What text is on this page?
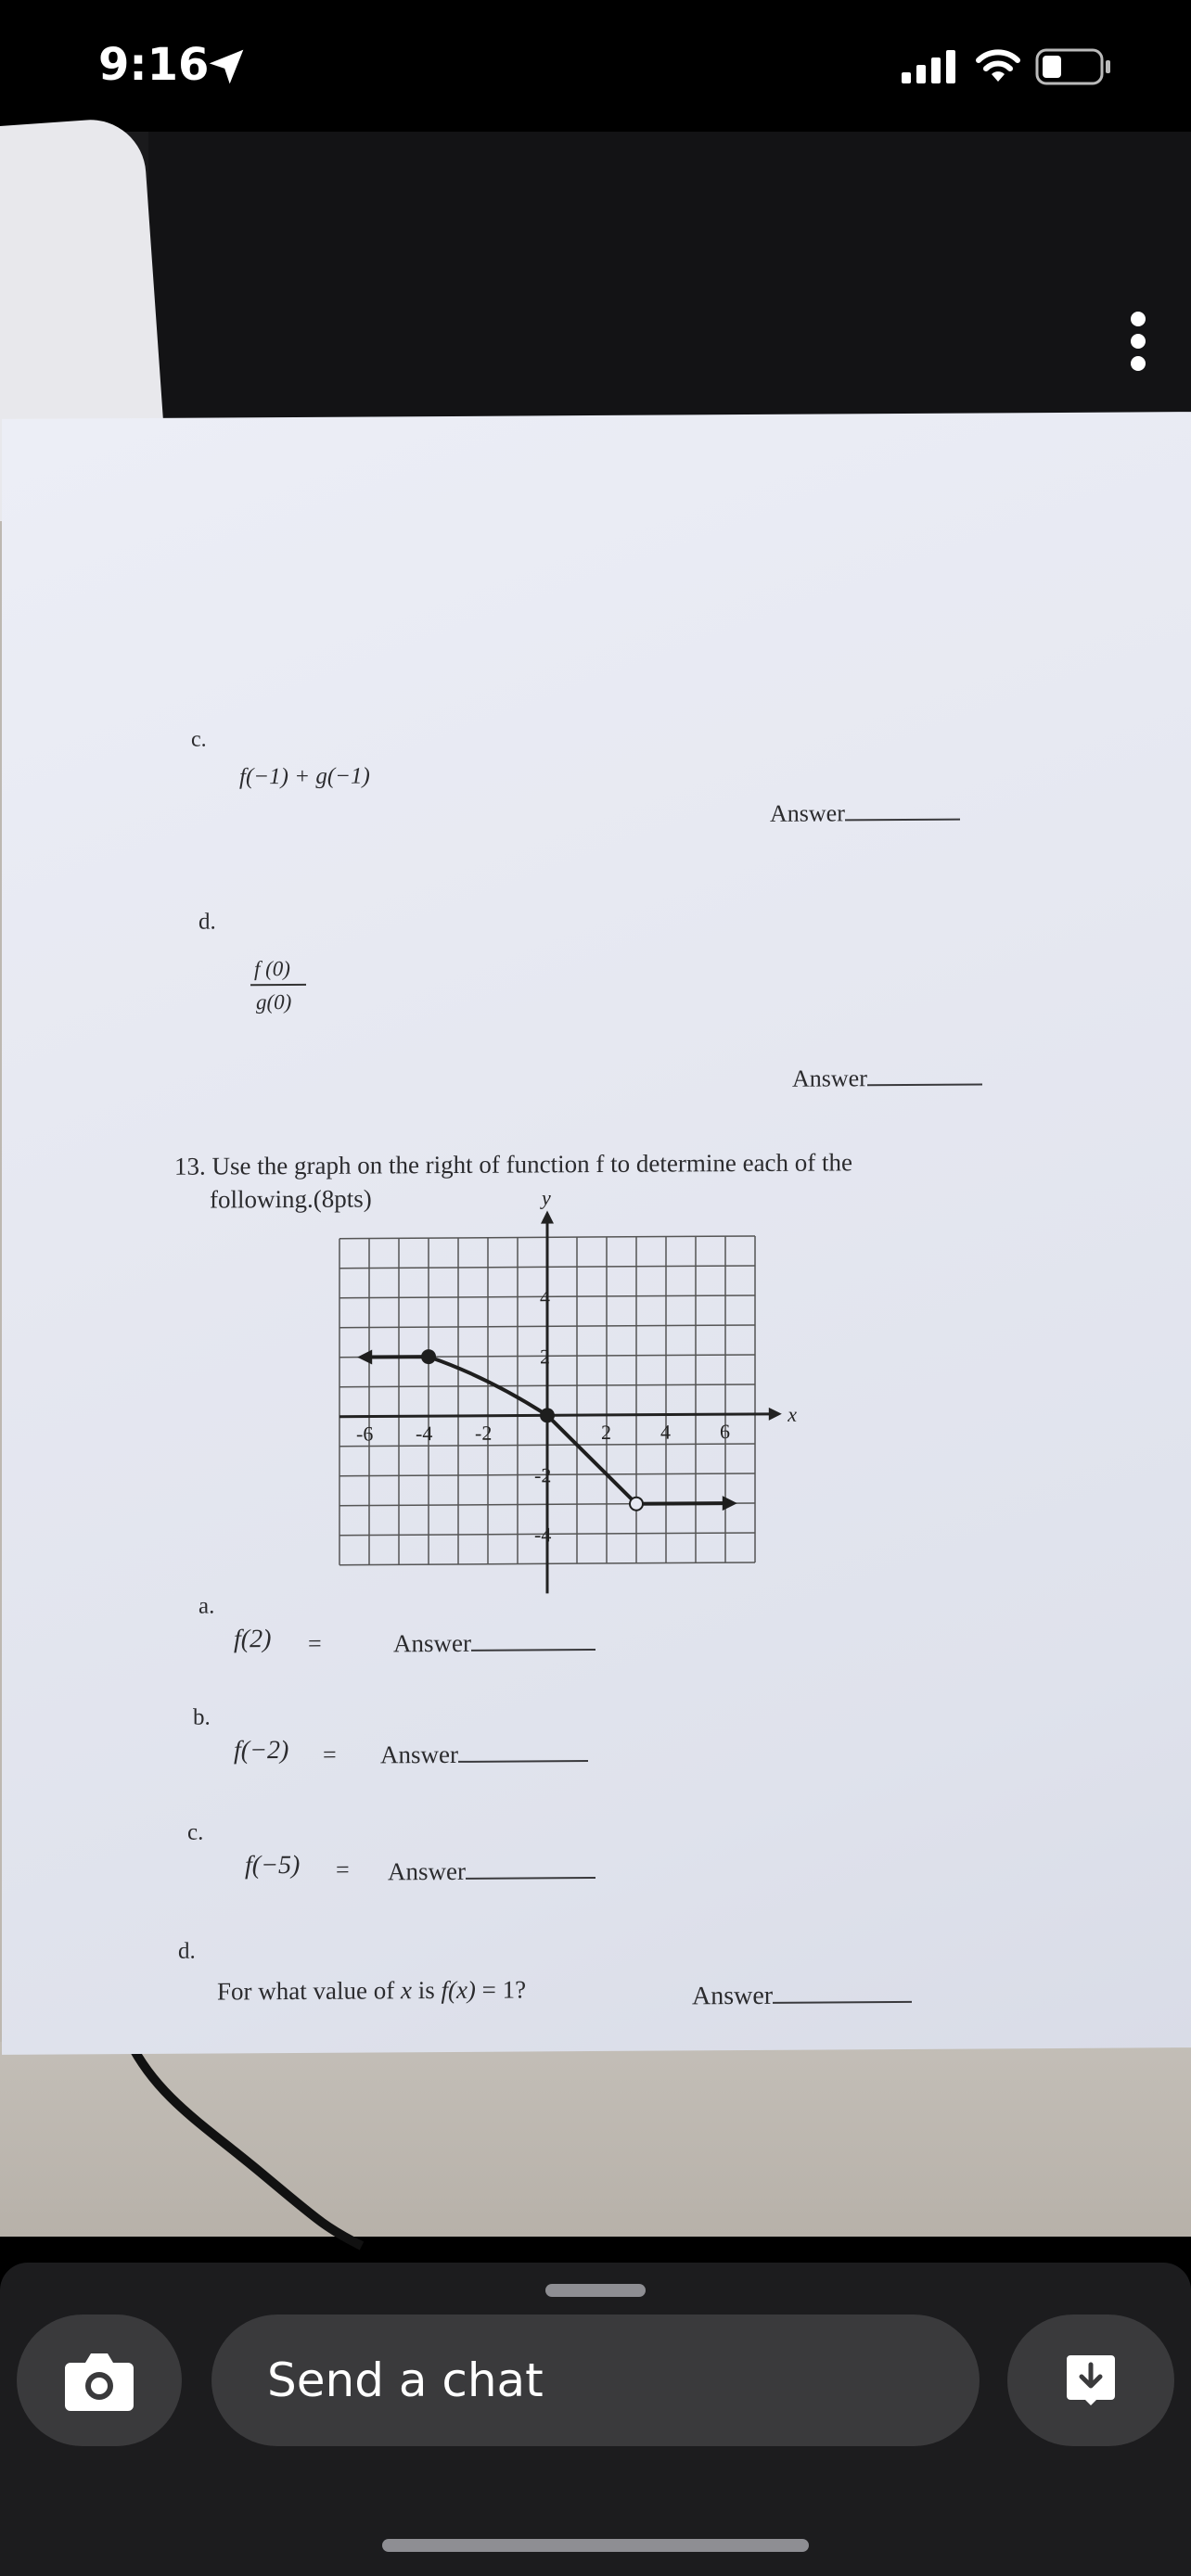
9:16
c.
f(−1) + g(−1)
Answer
d.
f (0)
g(0)
Answer
13. Use the graph on the right of function f to determine each of the
following.(8pts)
x
y
-6 -4 -2	2 4 6
-4
-2
2
4
a.
f(2) =	Answer
b.
f(−2) = Answer
c.
f(−5) = Answer
d.
For what value of x is f(x) = 1?	Answer
Send a chat
